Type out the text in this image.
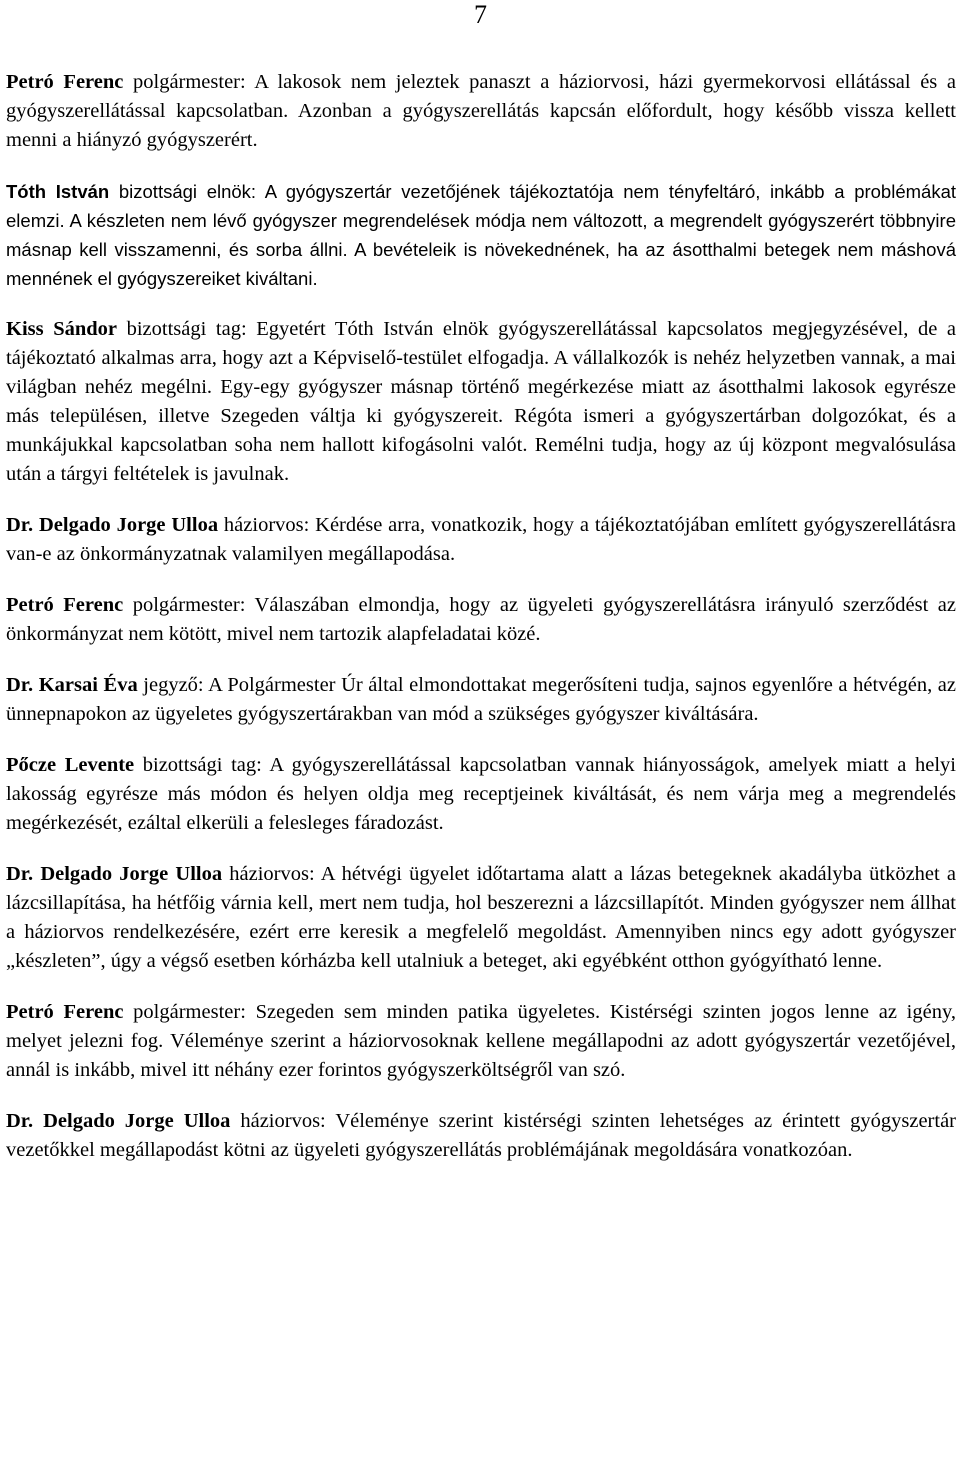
7

Petró Ferenc polgármester: A lakosok nem jeleztek panaszt a háziorvosi, házi gyermekorvosi ellátással és a gyógyszerellátással kapcsolatban. Azonban a gyógyszerellátás kapcsán előfordult, hogy később vissza kellett menni a hiányzó gyógyszerért.

Tóth István bizottsági elnök: A gyógyszertár vezetőjének tájékoztatója nem tényfeltáró, inkább a problémákat elemzi. A készleten nem lévő gyógyszer megrendelések módja nem változott, a megrendelt gyógyszerért többnyire másnap kell visszamenni, és sorba állni. A bevételeik is növekednének, ha az ásotthalmi betegek nem máshová mennének el gyógyszereiket kiváltani.

Kiss Sándor bizottsági tag: Egyetért Tóth István elnök gyógyszerellátással kapcsolatos megjegyzésével, de a tájékoztató alkalmas arra, hogy azt a Képviselő-testület elfogadja. A vállalkozók is nehéz helyzetben vannak, a mai világban nehéz megélni. Egy-egy gyógyszer másnap történő megérkezése miatt az ásotthalmi lakosok egyrésze más településen, illetve Szegeden váltja ki gyógyszereit. Régóta ismeri a gyógyszertárban dolgozókat, és a munkájukkal kapcsolatban soha nem hallott kifogásolni valót. Remélni tudja, hogy az új központ megvalósulása után a tárgyi feltételek is javulnak.

Dr. Delgado Jorge Ulloa háziorvos: Kérdése arra, vonatkozik, hogy a tájékoztatójában említett gyógyszerellátásra van-e az önkormányzatnak valamilyen megállapodása.

Petró Ferenc polgármester: Válaszában elmondja, hogy az ügyeleti gyógyszerellátásra irányuló szerződést az önkormányzat nem kötött, mivel nem tartozik alapfeladatai közé.

Dr. Karsai Éva jegyző: A Polgármester Úr által elmondottakat megerősíteni tudja, sajnos egyenlőre a hétvégén, az ünnepnapokon az ügyeletes gyógyszertárakban van mód a szükséges gyógyszer kiváltására.

Pőcze Levente bizottsági tag: A gyógyszerellátással kapcsolatban vannak hiányosságok, amelyek miatt a helyi lakosság egyrésze más módon és helyen oldja meg receptjeinek kiváltását, és nem várja meg a megrendelés megérkezését, ezáltal elkerüli a felesleges fáradozást.

Dr. Delgado Jorge Ulloa háziorvos: A hétvégi ügyelet időtartama alatt a lázas betegeknek akadályba ütközhet a lázcsillapítása, ha hétfőig várnia kell, mert nem tudja, hol beszerezni a lázcsillapítót. Minden gyógyszer nem állhat a háziorvos rendelkezésére, ezért erre keresik a megfelelő megoldást. Amennyiben nincs egy adott gyógyszer „készleten”, úgy a végső esetben kórházba kell utalniuk a beteget, aki egyébként otthon gyógyítható lenne.

Petró Ferenc polgármester: Szegeden sem minden patika ügyeletes. Kistérségi szinten jogos lenne az igény, melyet jelezni fog. Véleménye szerint a háziorvosoknak kellene megállapodni az adott gyógyszertár vezetőjével, annál is inkább, mivel itt néhány ezer forintos gyógyszerköltségről van szó.

Dr. Delgado Jorge Ulloa háziorvos: Véleménye szerint kistérségi szinten lehetséges az érintett gyógyszertár vezetőkkel megállapodást kötni az ügyeleti gyógyszerellátás problémájának megoldására vonatkozóan.
